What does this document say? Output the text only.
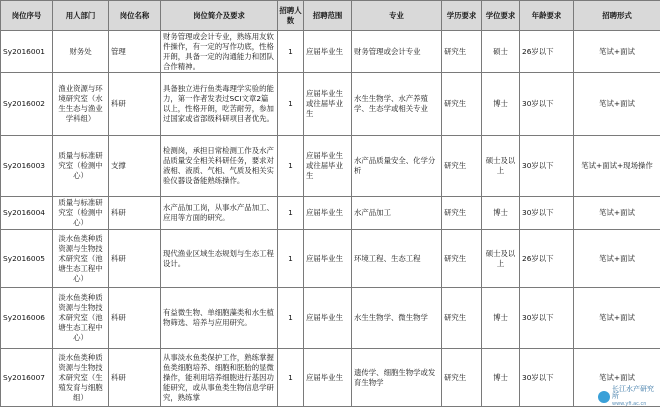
岗位序号	用人部门	岗位名称	岗位简介及要求	招聘人数	招聘范围	专业	学历要求	学位要求	年龄要求	招聘形式
Sy2016001	财务处	管理	财务管理或会计专业，熟练用友软件操作，有一定的写作功底，性格开朗，具备一定的沟通能力和团队合作精神。	1	应届毕业生	财务管理或会计专业	研究生	硕士	26岁以下	笔试+面试
Sy2016002	渔业资源与环境研究室（水生生态与渔业学科组）	科研	具备独立进行鱼类毒理学实验的能力，第一作者发表过SCI文章2篇以上，性格开朗，吃苦耐劳，参加过国家或省部级科研项目者优先。	1	应届毕业生或往届毕业生	水生生物学、水产养殖学、生态学或相关专业	研究生	博士	30岁以下	笔试+面试
Sy2016003	质量与标准研究室（检测中心）	支撑	检测岗，承担日常检测工作及水产品质量安全相关科研任务，要求对液相、液质、气相、气质及相关实验仪器设备能熟练操作。	1	应届毕业生或往届毕业生	水产品质量安全、化学分析	研究生	硕士及以上	30岁以下	笔试+面试+现场操作
Sy2016004	质量与标准研究室（检测中心）	科研	水产品加工岗，从事水产品加工、应用等方面的研究。	1	应届毕业生	水产品加工	研究生	博士	30岁以下	笔试+面试
Sy2016005	淡水鱼类种质资源与生物技术研究室（池塘生态工程中心）	科研	现代渔业区域生态规划与生态工程设计。	1	应届毕业生	环境工程、生态工程	研究生	硕士及以上	26岁以下	笔试+面试
Sy2016006	淡水鱼类种质资源与生物技术研究室（池塘生态工程中心）	科研	有益微生物、单细胞藻类和水生植物筛选、培养与应用研究。	1	应届毕业生	水生生物学、微生物学	研究生	博士	30岁以下	笔试+面试
Sy2016007	淡水鱼类种质资源与生物技术研究室（生殖发育与细胞组）	科研	从事淡水鱼类保护工作，熟练掌握鱼类细胞培养、细胞和胚胎的显微操作，能利用培养细胞进行基因功能研究，或从事鱼类生物信息学研究，熟练掌	1	应届毕业生	遗传学、细胞生物学或发育生物学	研究生	博士	30岁以下	笔试+面试
长江水产研究所
www.yfi.ac.cn
